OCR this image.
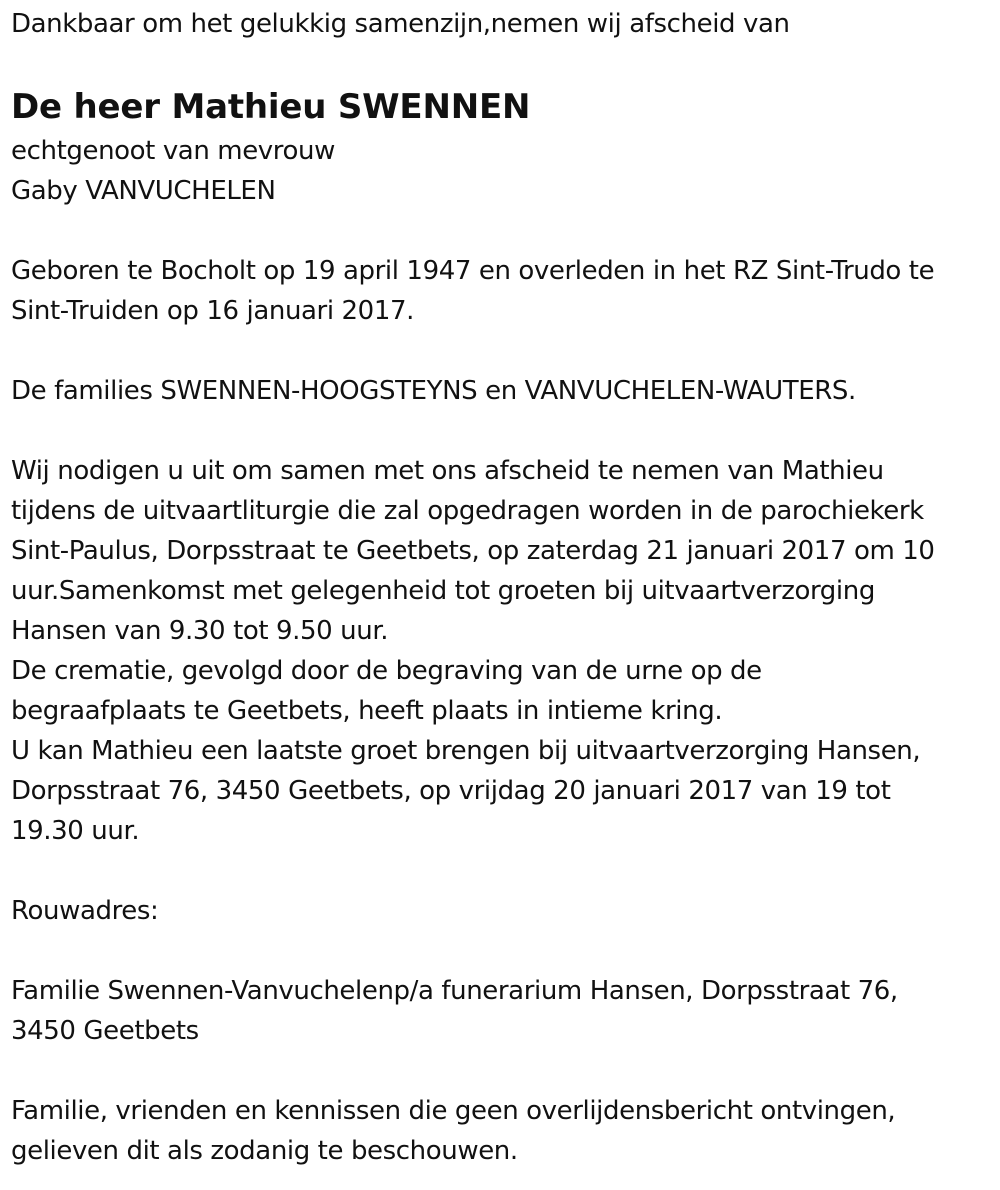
Dankbaar om het gelukkig samenzijn,nemen wij afscheid van
De heer Mathieu SWENNEN
echtgenoot van mevrouw
Gaby VANVUCHELEN
Geboren te Bocholt op 19 april 1947 en overleden in het RZ Sint-Trudo te
Sint-Truiden op 16 januari 2017.
De families SWENNEN-HOOGSTEYNS en VANVUCHELEN-WAUTERS.
Wij nodigen u uit om samen met ons afscheid te nemen van Mathieu
tijdens de uitvaartliturgie die zal opgedragen worden in de parochiekerk
Sint-Paulus, Dorpsstraat te Geetbets, op zaterdag 21 januari 2017 om 10
uur.Samenkomst met gelegenheid tot groeten bij uitvaartverzorging
Hansen van 9.30 tot 9.50 uur.
De crematie, gevolgd door de begraving van de urne op de
begraafplaats te Geetbets, heeft plaats in intieme kring.
U kan Mathieu een laatste groet brengen bij uitvaartverzorging Hansen,
Dorpsstraat 76, 3450 Geetbets, op vrijdag 20 januari 2017 van 19 tot
19.30 uur.
Rouwadres:
Familie Swennen-Vanvuchelenp/a funerarium Hansen, Dorpsstraat 76,
3450 Geetbets
Familie, vrienden en kennissen die geen overlijdensbericht ontvingen,
gelieven dit als zodanig te beschouwen.
